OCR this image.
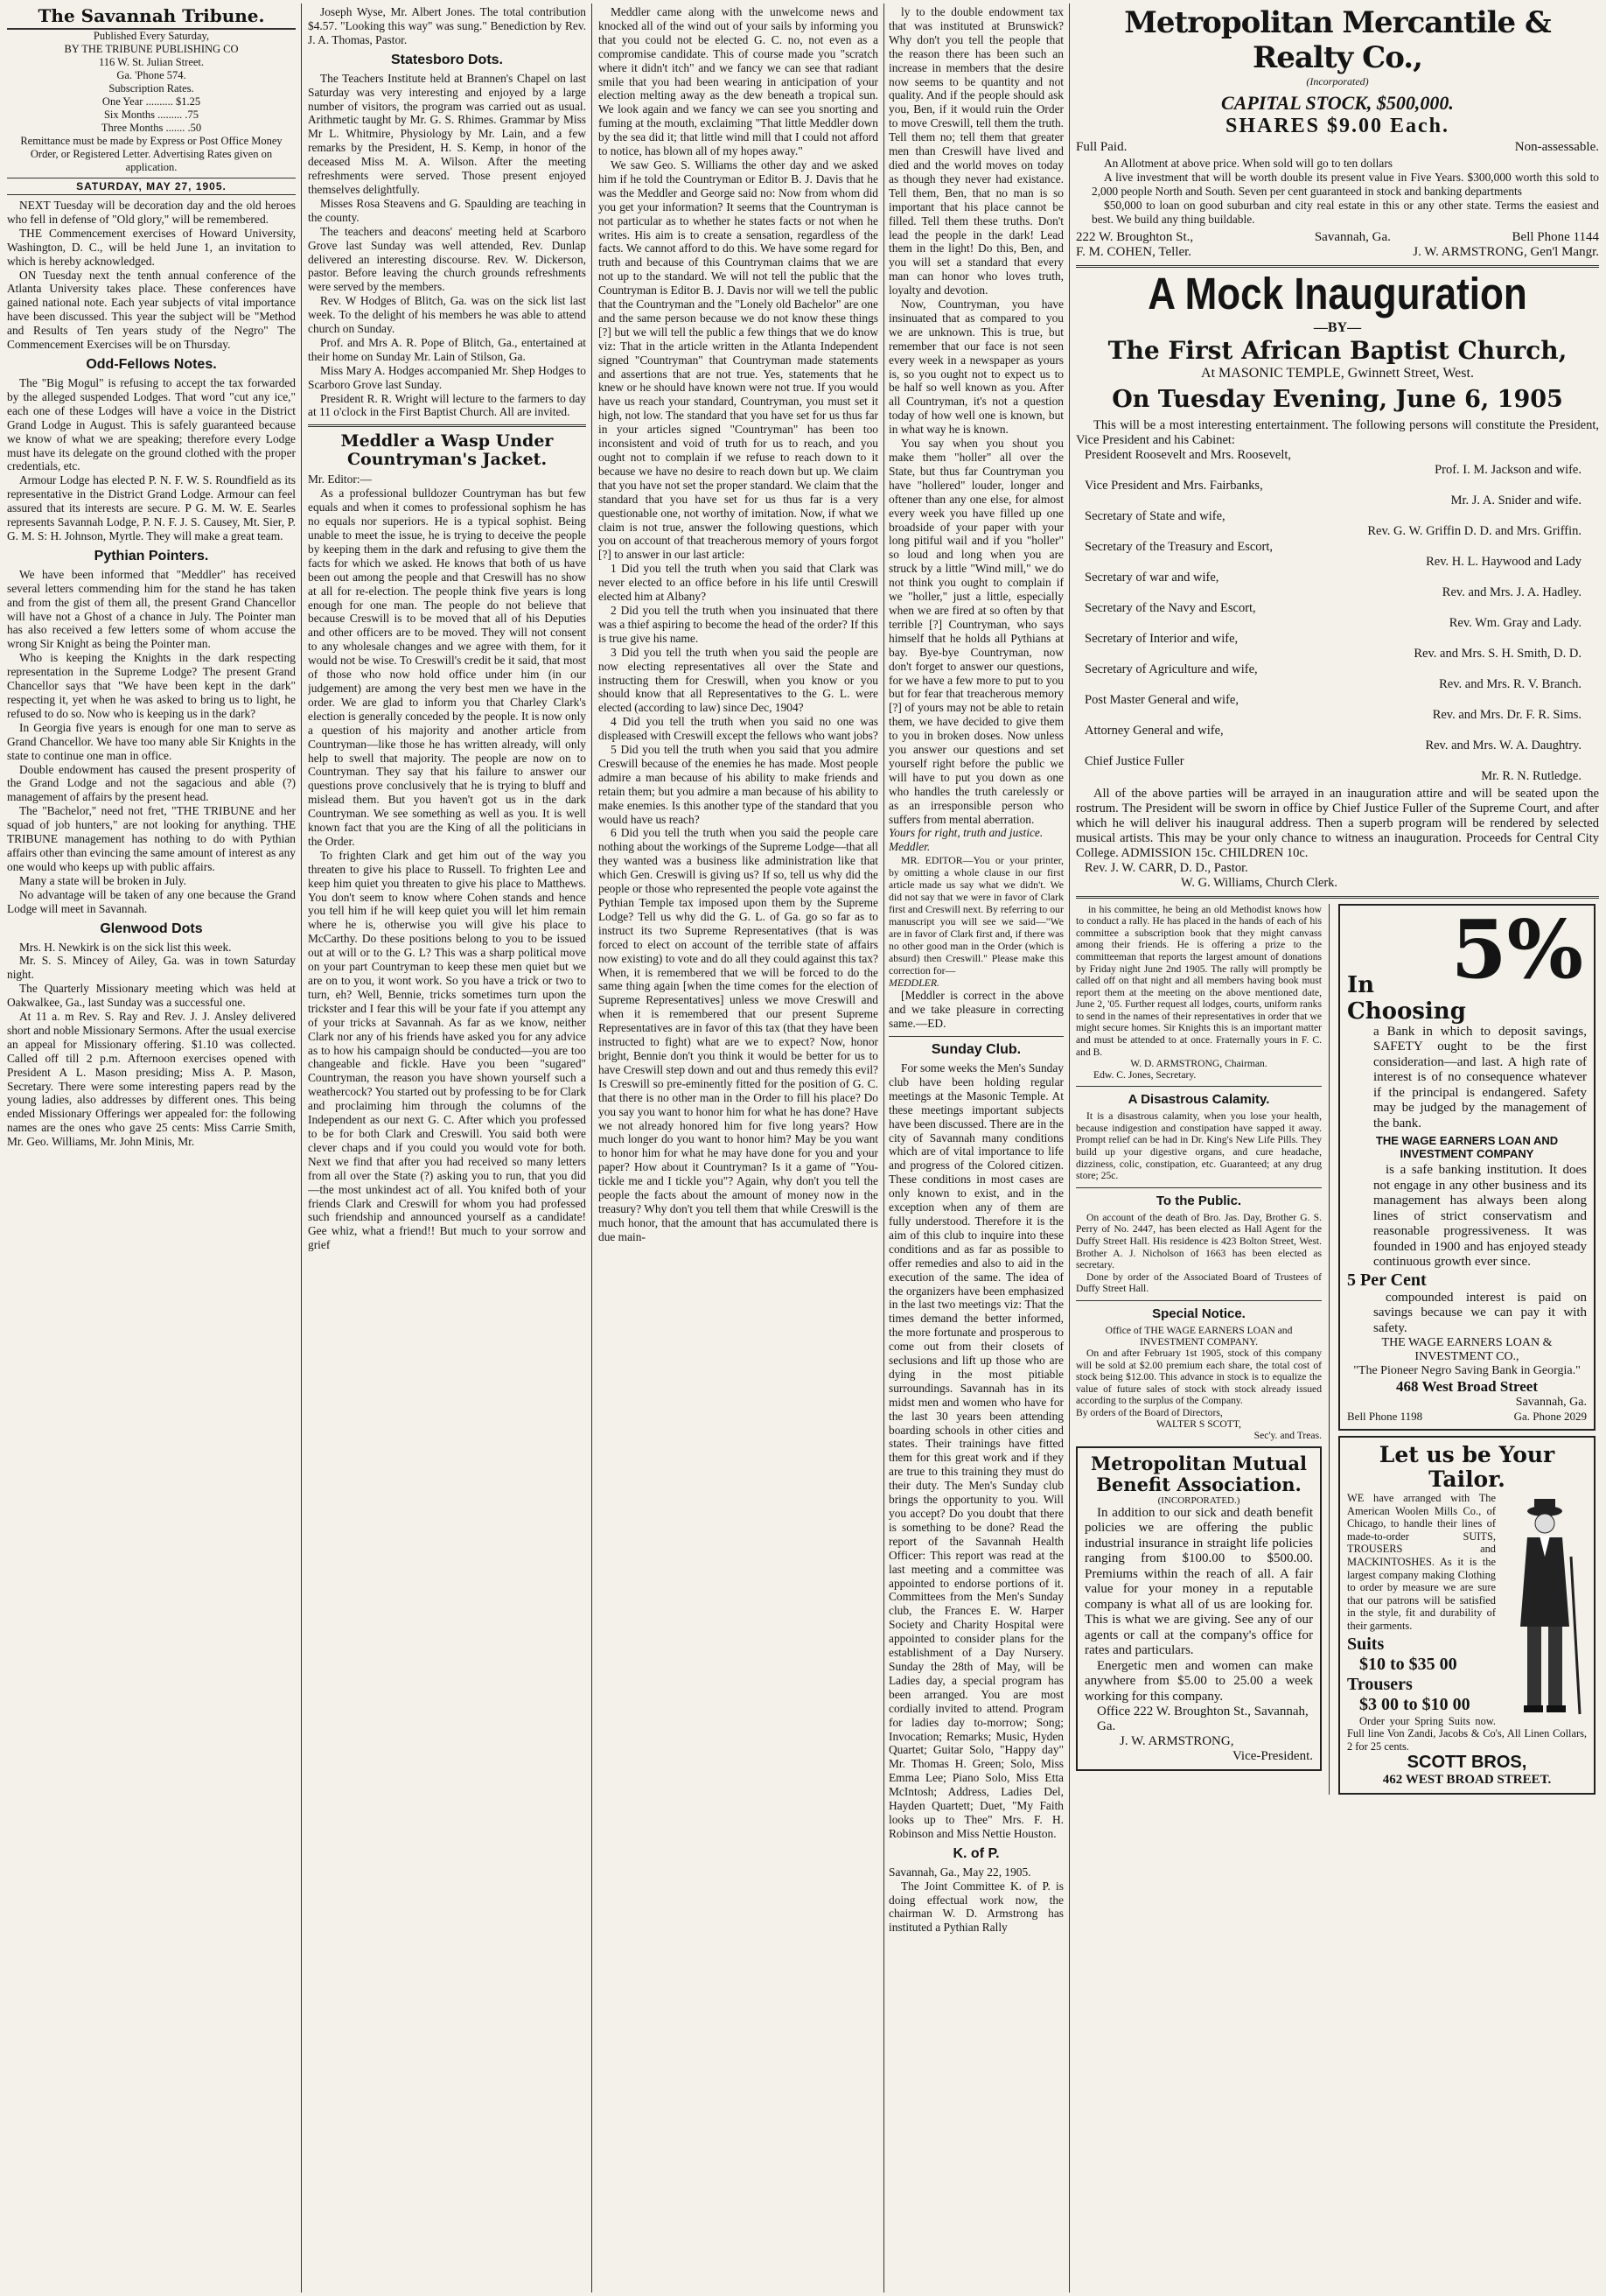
The Savannah Tribune.
Published Every Saturday,
BY THE TRIBUNE PUBLISHING CO
116 W. St. Julian Street.
Ga. 'Phone 574.
Subscription Rates.
One Year .......... $1.25
Six Months ......... .75
Three Months ....... .50
Remittance must be made by Express or Post Office Money Order, or Registered Letter. Advertising Rates given on application.
SATURDAY, MAY 27, 1905.

NEXT Tuesday will be decoration day and the old heroes who fell in defense of "Old glory," will be remembered.

THE Commencement exercises of Howard University, Washington, D. C., will be held June 1, an invitation to which is hereby acknowledged.

ON Tuesday next the tenth annual conference of the Atlanta University takes place. These conferences have gained national note. Each year subjects of vital importance have been discussed. This year the subject will be "Method and Results of Ten years study of the Negro" The Commencement Exercises will be on Thursday.

Odd-Fellows Notes.

The "Big Mogul" is refusing to accept the tax forwarded by the alleged suspended Lodges. That word "cut any ice," each one of these Lodges will have a voice in the District Grand Lodge in August. This is safely guaranteed because we know of what we are speaking; therefore every Lodge must have its delegate on the ground clothed with the proper credentials, etc.

Armour Lodge has elected P. N. F. W. S. Roundfield as its representative in the District Grand Lodge. Armour can feel assured that its interests are secure. P G. M. W. E. Searles represents Savannah Lodge, P. N. F. J. S. Causey, Mt. Sier, P. G. M. S: H. Johnson, Myrtle. They will make a great team.

Pythian Pointers.

We have been informed that "Meddler" has received several letters commending him for the stand he has taken and from the gist of them all, the present Grand Chancellor will have not a Ghost of a chance in July. The Pointer man has also received a few letters some of whom accuse the wrong Sir Knight as being the Pointer man.

Who is keeping the Knights in the dark respecting representation in the Supreme Lodge? The present Grand Chancellor says that "We have been kept in the dark" respecting it, yet when he was asked to bring us to light, he refused to do so. Now who is keeping us in the dark?

In Georgia five years is enough for one man to serve as Grand Chancellor. We have too many able Sir Knights in the state to continue one man in office.

Double endowment has caused the present prosperity of the Grand Lodge and not the sagacious and able (?) management of affairs by the present head.

The "Bachelor," need not fret, "THE TRIBUNE and her squad of job hunters," are not looking for anything. THE TRIBUNE management has nothing to do with Pythian affairs other than evincing the same amount of interest as any one would who keeps up with public affairs.

Many a state will be broken in July.

No advantage will be taken of any one because the Grand Lodge will meet in Savannah.

Glenwood Dots

Mrs. H. Newkirk is on the sick list this week.

Mr. S. S. Mincey of Ailey, Ga. was in town Saturday night.

The Quarterly Missionary meeting which was held at Oakwalkee, Ga., last Sunday was a successful one.

At 11 a. m Rev. S. Ray and Rev. J. J. Ansley delivered short and noble Missionary Sermons. After the usual exercise an appeal for Missionary offering. $1.10 was collected. Called off till 2 p.m. Afternoon exercises opened with President A L. Mason presiding; Miss A. P. Mason, Secretary. There were some interesting papers read by the young ladies, also addresses by different ones. This being ended Missionary Offerings wer appealed for: the following names are the ones who gave 25 cents: Miss Carrie Smith, Mr. Geo. Williams, Mr. John Minis, Mr.

Joseph Wyse, Mr. Albert Jones. The total contribution $4.57. "Looking this way" was sung." Benediction by Rev. J. A. Thomas, Pastor.

Statesboro Dots.

The Teachers Institute held at Brannen's Chapel on last Saturday was very interesting and enjoyed by a large number of visitors, the program was carried out as usual. Arithmetic taught by Mr. G. S. Rhimes. Grammar by Miss Mr L. Whitmire, Physiology by Mr. Lain, and a few remarks by the President, H. S. Kemp, in honor of the deceased Miss M. A. Wilson. After the meeting refreshments were served. Those present enjoyed themselves delightfully.

Misses Rosa Steavens and G. Spaulding are teaching in the county.

The teachers and deacons' meeting held at Scarboro Grove last Sunday was well attended, Rev. Dunlap delivered an interesting discourse. Rev. W. Dickerson, pastor. Before leaving the church grounds refreshments were served by the members.

Rev. W Hodges of Blitch, Ga. was on the sick list last week. To the delight of his members he was able to attend church on Sunday.

Prof. and Mrs A. R. Pope of Blitch, Ga., entertained at their home on Sunday Mr. Lain of Stilson, Ga.

Miss Mary A. Hodges accompanied Mr. Shep Hodges to Scarboro Grove last Sunday.

President R. R. Wright will lecture to the farmers to day at 11 o'clock in the First Baptist Church. All are invited.

Meddler a Wasp Under Countryman's Jacket.

Mr. Editor:—

As a professional bulldozer Countryman has but few equals and when it comes to professional sophism he has no equals nor superiors. He is a typical sophist. Being unable to meet the issue, he is trying to deceive the people by keeping them in the dark and refusing to give them the facts for which we asked. He knows that both of us have been out among the people and that Creswill has no show at all for re-election. The people think five years is long enough for one man. The people do not believe that because Creswill is to be moved that all of his Deputies and other officers are to be moved. They will not consent to any wholesale changes and we agree with them, for it would not be wise. To Creswill's credit be it said, that most of those who now hold office under him (in our judgement) are among the very best men we have in the order. We are glad to inform you that Charley Clark's election is generally conceded by the people. It is now only a question of his majority and another article from Countryman—like those he has written already, will only help to swell that majority. The people are now on to Countryman. They say that his failure to answer our questions prove conclusively that he is trying to bluff and mislead them. But you haven't got us in the dark Countryman. We see something as well as you. It is well known fact that you are the King of all the politicians in the Order.

To frighten Clark and get him out of the way you threaten to give his place to Russell. To frighten Lee and keep him quiet you threaten to give his place to Matthews. You don't seem to know where Cohen stands and hence you tell him if he will keep quiet you will let him remain where he is, otherwise you will give his place to McCarthy. Do these positions belong to you to be issued out at will or to the G. L? This was a sharp political move on your part Countryman to keep these men quiet but we are on to you, it wont work. So you have a trick or two to turn, eh? Well, Bennie, tricks sometimes turn upon the trickster and I fear this will be your fate if you attempt any of your tricks at Savannah. As far as we know, neither Clark nor any of his friends have asked you for any advice as to how his campaign should be conducted—you are too changeable and fickle. Have you been "sugared" Countryman, the reason you have shown yourself such a weathercock? You started out by professing to be for Clark and proclaiming him through the columns of the Independent as our next G. C. After which you professed to be for both Clark and Creswill. You said both were clever chaps and if you could you would vote for both. Next we find that after you had received so many letters from all over the State (?) asking you to run, that you did—the most unkindest act of all. You knifed both of your friends Clark and Creswill for whom you had professed such friendship and announced yourself as a candidate! Gee whiz, what a friend!! But much to your sorrow and grief

Meddler came along with the unwelcome news and knocked all of the wind out of your sails by informing you that you could not be elected G. C. no, not even as a compromise candidate. This of course made you "scratch where it didn't itch" and we fancy we can see that radiant smile that you had been wearing in anticipation of your election melting away as the dew beneath a tropical sun. We look again and we fancy we can see you snorting and fuming at the mouth, exclaiming "That little Meddler down by the sea did it; that little wind mill that I could not afford to notice, has blown all of my hopes away."

We saw Geo. S. Williams the other day and we asked him if he told the Countryman or Editor B. J. Davis that he was the Meddler and George said no: Now from whom did you get your information? It seems that the Countryman is not particular as to whether he states facts or not when he writes. His aim is to create a sensation, regardless of the facts. We cannot afford to do this. We have some regard for truth and because of this Countryman claims that we are not up to the standard. We will not tell the public that the Countryman is Editor B. J. Davis nor will we tell the public that the Countryman and the "Lonely old Bachelor" are one and the same person because we do not know these things [?] but we will tell the public a few things that we do know viz: That in the article written in the Atlanta Independent signed "Countryman" that Countryman made statements and assertions that are not true. Yes, statements that he knew or he should have known were not true. If you would have us reach your standard, Countryman, you must set it high, not low. The standard that you have set for us thus far in your articles signed "Countryman" has been too inconsistent and void of truth for us to reach, and you ought not to complain if we refuse to reach down to it because we have no desire to reach down but up. We claim that you have not set the proper standard. We claim that the standard that you have set for us thus far is a very questionable one, not worthy of imitation. Now, if what we claim is not true, answer the following questions, which you on account of that treacherous memory of yours forgot [?] to answer in our last article:

1 Did you tell the truth when you said that Clark was never elected to an office before in his life until Creswill elected him at Albany?

2 Did you tell the truth when you insinuated that there was a thief aspiring to become the head of the order? If this is true give his name.

3 Did you tell the truth when you said the people are now electing representatives all over the State and instructing them for Creswill, when you know or you should know that all Representatives to the G. L. were elected (according to law) since Dec, 1904?

4 Did you tell the truth when you said no one was displeased with Creswill except the fellows who want jobs?

5 Did you tell the truth when you said that you admire Creswill because of the enemies he has made. Most people admire a man because of his ability to make friends and retain them; but you admire a man because of his ability to make enemies. Is this another type of the standard that you would have us reach?

6 Did you tell the truth when you said the people care nothing about the workings of the Supreme Lodge—that all they wanted was a business like administration like that which Gen. Creswill is giving us? If so, tell us why did the people or those who represented the people vote against the Pythian Temple tax imposed upon them by the Supreme Lodge? Tell us why did the G. L. of Ga. go so far as to instruct its two Supreme Representatives (that is was forced to elect on account of the terrible state of affairs now existing) to vote and do all they could against this tax? When, it is remembered that we will be forced to do the same thing again [when the time comes for the election of Supreme Representatives] unless we move Creswill and when it is remembered that our present Supreme Representatives are in favor of this tax (that they have been instructed to fight) what are we to expect? Now, honor bright, Bennie don't you think it would be better for us to have Creswill step down and out and thus remedy this evil? Is Creswill so pre-eminently fitted for the position of G. C. that there is no other man in the Order to fill his place? Do you say you want to honor him for what he has done? Have we not already honored him for five long years? How much longer do you want to honor him? May be you want to honor him for what he may have done for you and your paper? How about it Countryman? Is it a game of "You-tickle me and I tickle you"? Again, why don't you tell the people the facts about the amount of money now in the treasury? Why don't you tell them that while Creswill is the much honor, that the amount that has accumulated there is due main-

ly to the double endowment tax that was instituted at Brunswick? Why don't you tell the people that the reason there has been such an increase in members that the desire now seems to be quantity and not quality. And if the people should ask you, Ben, if it would ruin the Order to move Creswill, tell them the truth. Tell them no; tell them that greater men than Creswill have lived and died and the world moves on today as though they never had existance. Tell them, Ben, that no man is so important that his place cannot be filled. Tell them these truths. Don't lead the people in the dark! Lead them in the light! Do this, Ben, and you will set a standard that every man can honor who loves truth, loyalty and devotion.

Now, Countryman, you have insinuated that as compared to you we are unknown. This is true, but remember that our face is not seen every week in a newspaper as yours is, so you ought not to expect us to be half so well known as you. After all Countryman, it's not a question today of how well one is known, but in what way he is known.

You say when you shout you make them "holler" all over the State, but thus far Countryman you have "hollered" louder, longer and oftener than any one else, for almost every week you have filled up one broadside of your paper with your long pitiful wail and if you "holler" so loud and long when you are struck by a little "Wind mill," we do not think you ought to complain if we "holler," just a little, especially when we are fired at so often by that terrible [?] Countryman, who says himself that he holds all Pythians at bay. Bye-bye Countryman, now don't forget to answer our questions, for we have a few more to put to you but for fear that treacherous memory [?] of yours may not be able to retain them, we have decided to give them to you in broken doses. Now unless you answer our questions and set yourself right before the public we will have to put you down as one who handles the truth carelessly or as an irresponsible person who suffers from mental aberration.

Yours for right, truth and justice.

Meddler.

MR. EDITOR—You or your printer, by omitting a whole clause in our first article made us say what we didn't. We did not say that we were in favor of Clark first and Creswill next. By referring to our manuscript you will see we said—"We are in favor of Clark first and, if there was no other good man in the Order (which is absurd) then Creswill." Please make this correction for—

MEDDLER.

[Meddler is correct in the above and we take pleasure in correcting same.—ED.

Sunday Club.

For some weeks the Men's Sunday club have been holding regular meetings at the Masonic Temple. At these meetings important subjects have been discussed. There are in the city of Savannah many conditions which are of vital importance to life and progress of the Colored citizen. These conditions in most cases are only known to exist, and in the exception when any of them are fully understood. Therefore it is the aim of this club to inquire into these conditions and as far as possible to offer remedies and also to aid in the execution of the same. The idea of the organizers have been emphasized in the last two meetings viz: That the times demand the better informed, the more fortunate and prosperous to come out from their closets of seclusions and lift up those who are dying in the most pitiable surroundings. Savannah has in its midst men and women who have for the last 30 years been attending boarding schools in other cities and states. Their trainings have fitted them for this great work and if they are true to this training they must do their duty. The Men's Sunday club brings the opportunity to you. Will you accept? Do you doubt that there is something to be done? Read the report of the Savannah Health Officer: This report was read at the last meeting and a committee was appointed to endorse portions of it. Committees from the Men's Sunday club, the Frances E. W. Harper Society and Charity Hospital were appointed to consider plans for the establishment of a Day Nursery. Sunday the 28th of May, will be Ladies day, a special program has been arranged. You are most cordially invited to attend. Program for ladies day to-morrow; Song; Invocation; Remarks; Music, Hyden Quartet; Guitar Solo, "Happy day" Mr. Thomas H. Green; Solo, Miss Emma Lee; Piano Solo, Miss Etta McIntosh; Address, Ladies Del, Hayden Quartett; Duet, "My Faith looks up to Thee" Mrs. F. H. Robinson and Miss Nettie Houston.

K. of P.

Savannah, Ga., May 22, 1905.

The Joint Committee K. of P. is doing effectual work now, the chairman W. D. Armstrong has instituted a Pythian Rally

Metropolitan Mercantile & Realty Co.,
(Incorporated)
CAPITAL STOCK, $500,000.
SHARES $9.00 Each.
Full Paid.	Non-assessable.

An Allotment at above price. When sold will go to ten dollars

A live investment that will be worth double its present value in Five Years. $300,000 worth this sold to 2,000 people North and South. Seven per cent guaranteed in stock and banking departments

$50,000 to loan on good suburban and city real estate in this or any other state. Terms the easiest and best. We build any thing buildable.

222 W. Broughton St.,	Savannah, Ga.	Bell Phone 1144
F. M. COHEN, Teller.	J. W. ARMSTRONG, Gen'l Mangr.
A Mock Inauguration
—BY—
The First African Baptist Church,
At MASONIC TEMPLE, Gwinnett Street, West.
On Tuesday Evening, June 6, 1905

This will be a most interesting entertainment. The following persons will constitute the President, Vice President and his Cabinet:

President Roosevelt and Mrs. Roosevelt,
Prof. I. M. Jackson and wife.
Vice President and Mrs. Fairbanks,
Mr. J. A. Snider and wife.
Secretary of State and wife,
Rev. G. W. Griffin D. D. and Mrs. Griffin.
Secretary of the Treasury and Escort,
Rev. H. L. Haywood and Lady
Secretary of war and wife,
Rev. and Mrs. J. A. Hadley.
Secretary of the Navy and Escort,
Rev. Wm. Gray and Lady.
Secretary of Interior and wife,
Rev. and Mrs. S. H. Smith, D. D.
Secretary of Agriculture and wife,
Rev. and Mrs. R. V. Branch.
Post Master General and wife,
Rev. and Mrs. Dr. F. R. Sims.
Attorney General and wife,
Rev. and Mrs. W. A. Daughtry.
Chief Justice Fuller
Mr. R. N. Rutledge.

All of the above parties will be arrayed in an inauguration attire and will be seated upon the rostrum. The President will be sworn in office by Chief Justice Fuller of the Supreme Court, and after which he will deliver his inaugural address. Then a superb program will be rendered by selected musical artists. This may be your only chance to witness an inauguration. Proceeds for Central City College. ADMISSION 15c. CHILDREN 10c.

Rev. J. W. CARR, D. D., Pastor.
W. G. Williams, Church Clerk.

in his committee, he being an old Methodist knows how to conduct a rally. He has placed in the hands of each of his committee a subscription book that they might canvass among their friends. He is offering a prize to the committeeman that reports the largest amount of donations by Friday night June 2nd 1905. The rally will promptly be called off on that night and all members having book must report them at the meeting on the above mentioned date, June 2, '05. Further request all lodges, courts, uniform ranks to send in the names of their representatives in order that we might secure homes. Sir Knights this is an important matter and must be attended to at once. Fraternally yours in F. C. and B.

W. D. ARMSTRONG, Chairman.
Edw. C. Jones, Secretary.
A Disastrous Calamity.

It is a disastrous calamity, when you lose your health, because indigestion and constipation have sapped it away. Prompt relief can be had in Dr. King's New Life Pills. They build up your digestive organs, and cure headache, dizziness, colic, constipation, etc. Guaranteed; at any drug store; 25c.

To the Public.

On account of the death of Bro. Jas. Day, Brother G. S. Perry of No. 2447, has been elected as Hall Agent for the Duffy Street Hall. His residence is 423 Bolton Street, West. Brother A. J. Nicholson of 1663 has been elected as secretary.

Done by order of the Associated Board of Trustees of Duffy Street Hall.

Special Notice.
Office of THE WAGE EARNERS LOAN and INVESTMENT COMPANY.

On and after February 1st 1905, stock of this company will be sold at $2.00 premium each share, the total cost of stock being $12.00. This advance in stock is to equalize the value of future sales of stock with stock already issued according to the surplus of the Company.

By orders of the Board of Directors,
WALTER S SCOTT,
Sec'y. and Treas.
Metropolitan Mutual Benefit Association.
(INCORPORATED.)

In addition to our sick and death benefit policies we are offering the public industrial insurance in straight life policies ranging from $100.00 to $500.00. Premiums within the reach of all. A fair value for your money in a reputable company is what all of us are looking for. This is what we are giving. See any of our agents or call at the company's office for rates and particulars.

Energetic men and women can make anywhere from $5.00 to 25.00 a week working for this company.

Office 222 W. Broughton St., Savannah, Ga.
J. W. ARMSTRONG,
Vice-President.
5%
In Choosing

a Bank in which to deposit savings, SAFETY ought to be the first consideration—and last. A high rate of interest is of no consequence whatever if the principal is endangered. Safety may be judged by the management of the bank.

THE WAGE EARNERS LOAN AND INVESTMENT COMPANY

is a safe banking institution. It does not engage in any other business and its management has always been along lines of strict conservatism and reasonable progressiveness. It was founded in 1900 and has enjoyed steady continuous growth ever since.

5 Per Cent

compounded interest is paid on savings because we can pay it with safety.

THE WAGE EARNERS LOAN & INVESTMENT CO.,
"The Pioneer Negro Saving Bank in Georgia."
468 West Broad Street
Savannah, Ga.
Bell Phone 1198	Ga. Phone 2029
Let us be Your Tailor.

WE have arranged with The American Woolen Mills Co., of Chicago, to handle their lines of made-to-order SUITS, TROUSERS and MACKINTOSHES. As it is the largest company making Clothing to order by measure we are sure that our patrons will be satisfied in the style, fit and durability of their garments.

Suits
$10 to $35 00
Trousers
$3 00 to $10 00

Order your Spring Suits now. Full line Von Zandi, Jacobs & Co's, All Linen Collars, 2 for 25 cents.

SCOTT BROS,
462 WEST BROAD STREET.
